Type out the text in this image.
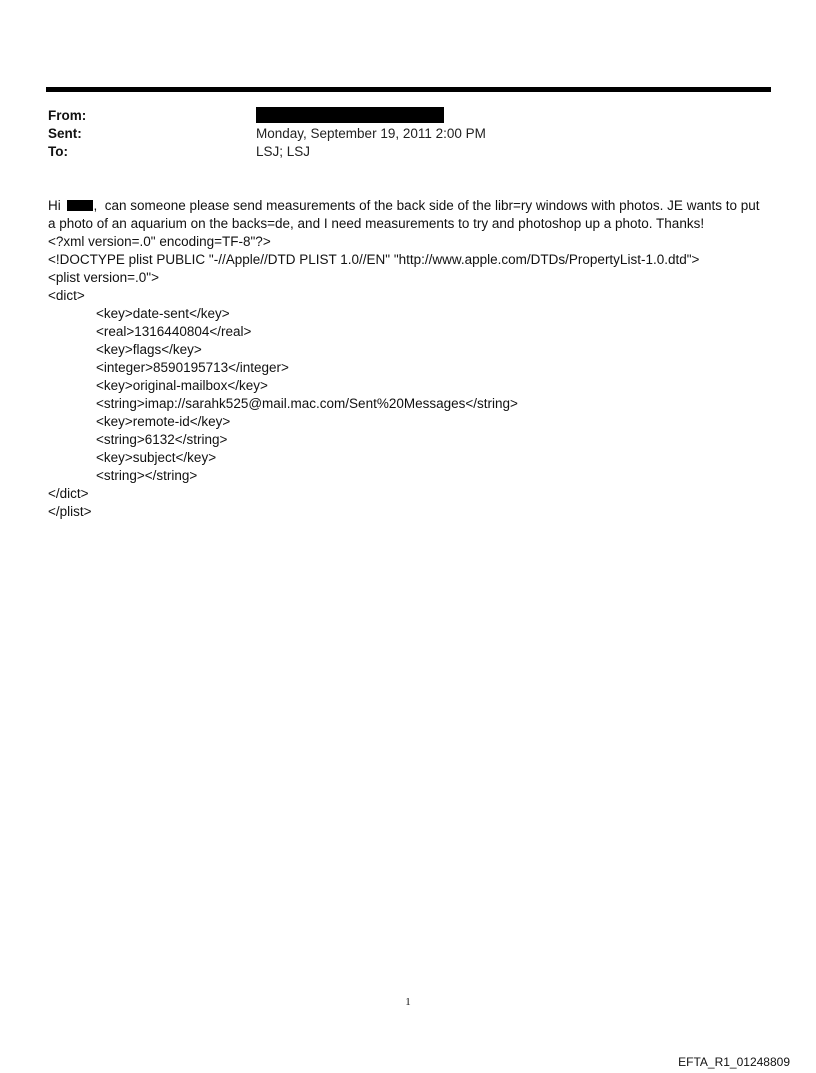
From:
Sent:	Monday, September 19, 2011 2:00 PM
To:	LSJ; LSJ
Hi ,  can someone please send measurements of the back side of the libr=ry windows with photos. JE wants to put
a photo of an aquarium on the backs=de, and I need measurements to try and photoshop up a photo. Thanks!
<?xml version=.0" encoding=TF-8"?>
<!DOCTYPE plist PUBLIC "-//Apple//DTD PLIST 1.0//EN" "http://www.apple.com/DTDs/PropertyList-1.0.dtd">
<plist version=.0">
<dict>
<key>date-sent</key>
<real>1316440804</real>
<key>flags</key>
<integer>8590195713</integer>
<key>original-mailbox</key>
<string>imap://sarahk525@mail.mac.com/Sent%20Messages</string>
<key>remote-id</key>
<string>6132</string>
<key>subject</key>
<string></string>
</dict>
</plist>
1
EFTA_R1_01248809
